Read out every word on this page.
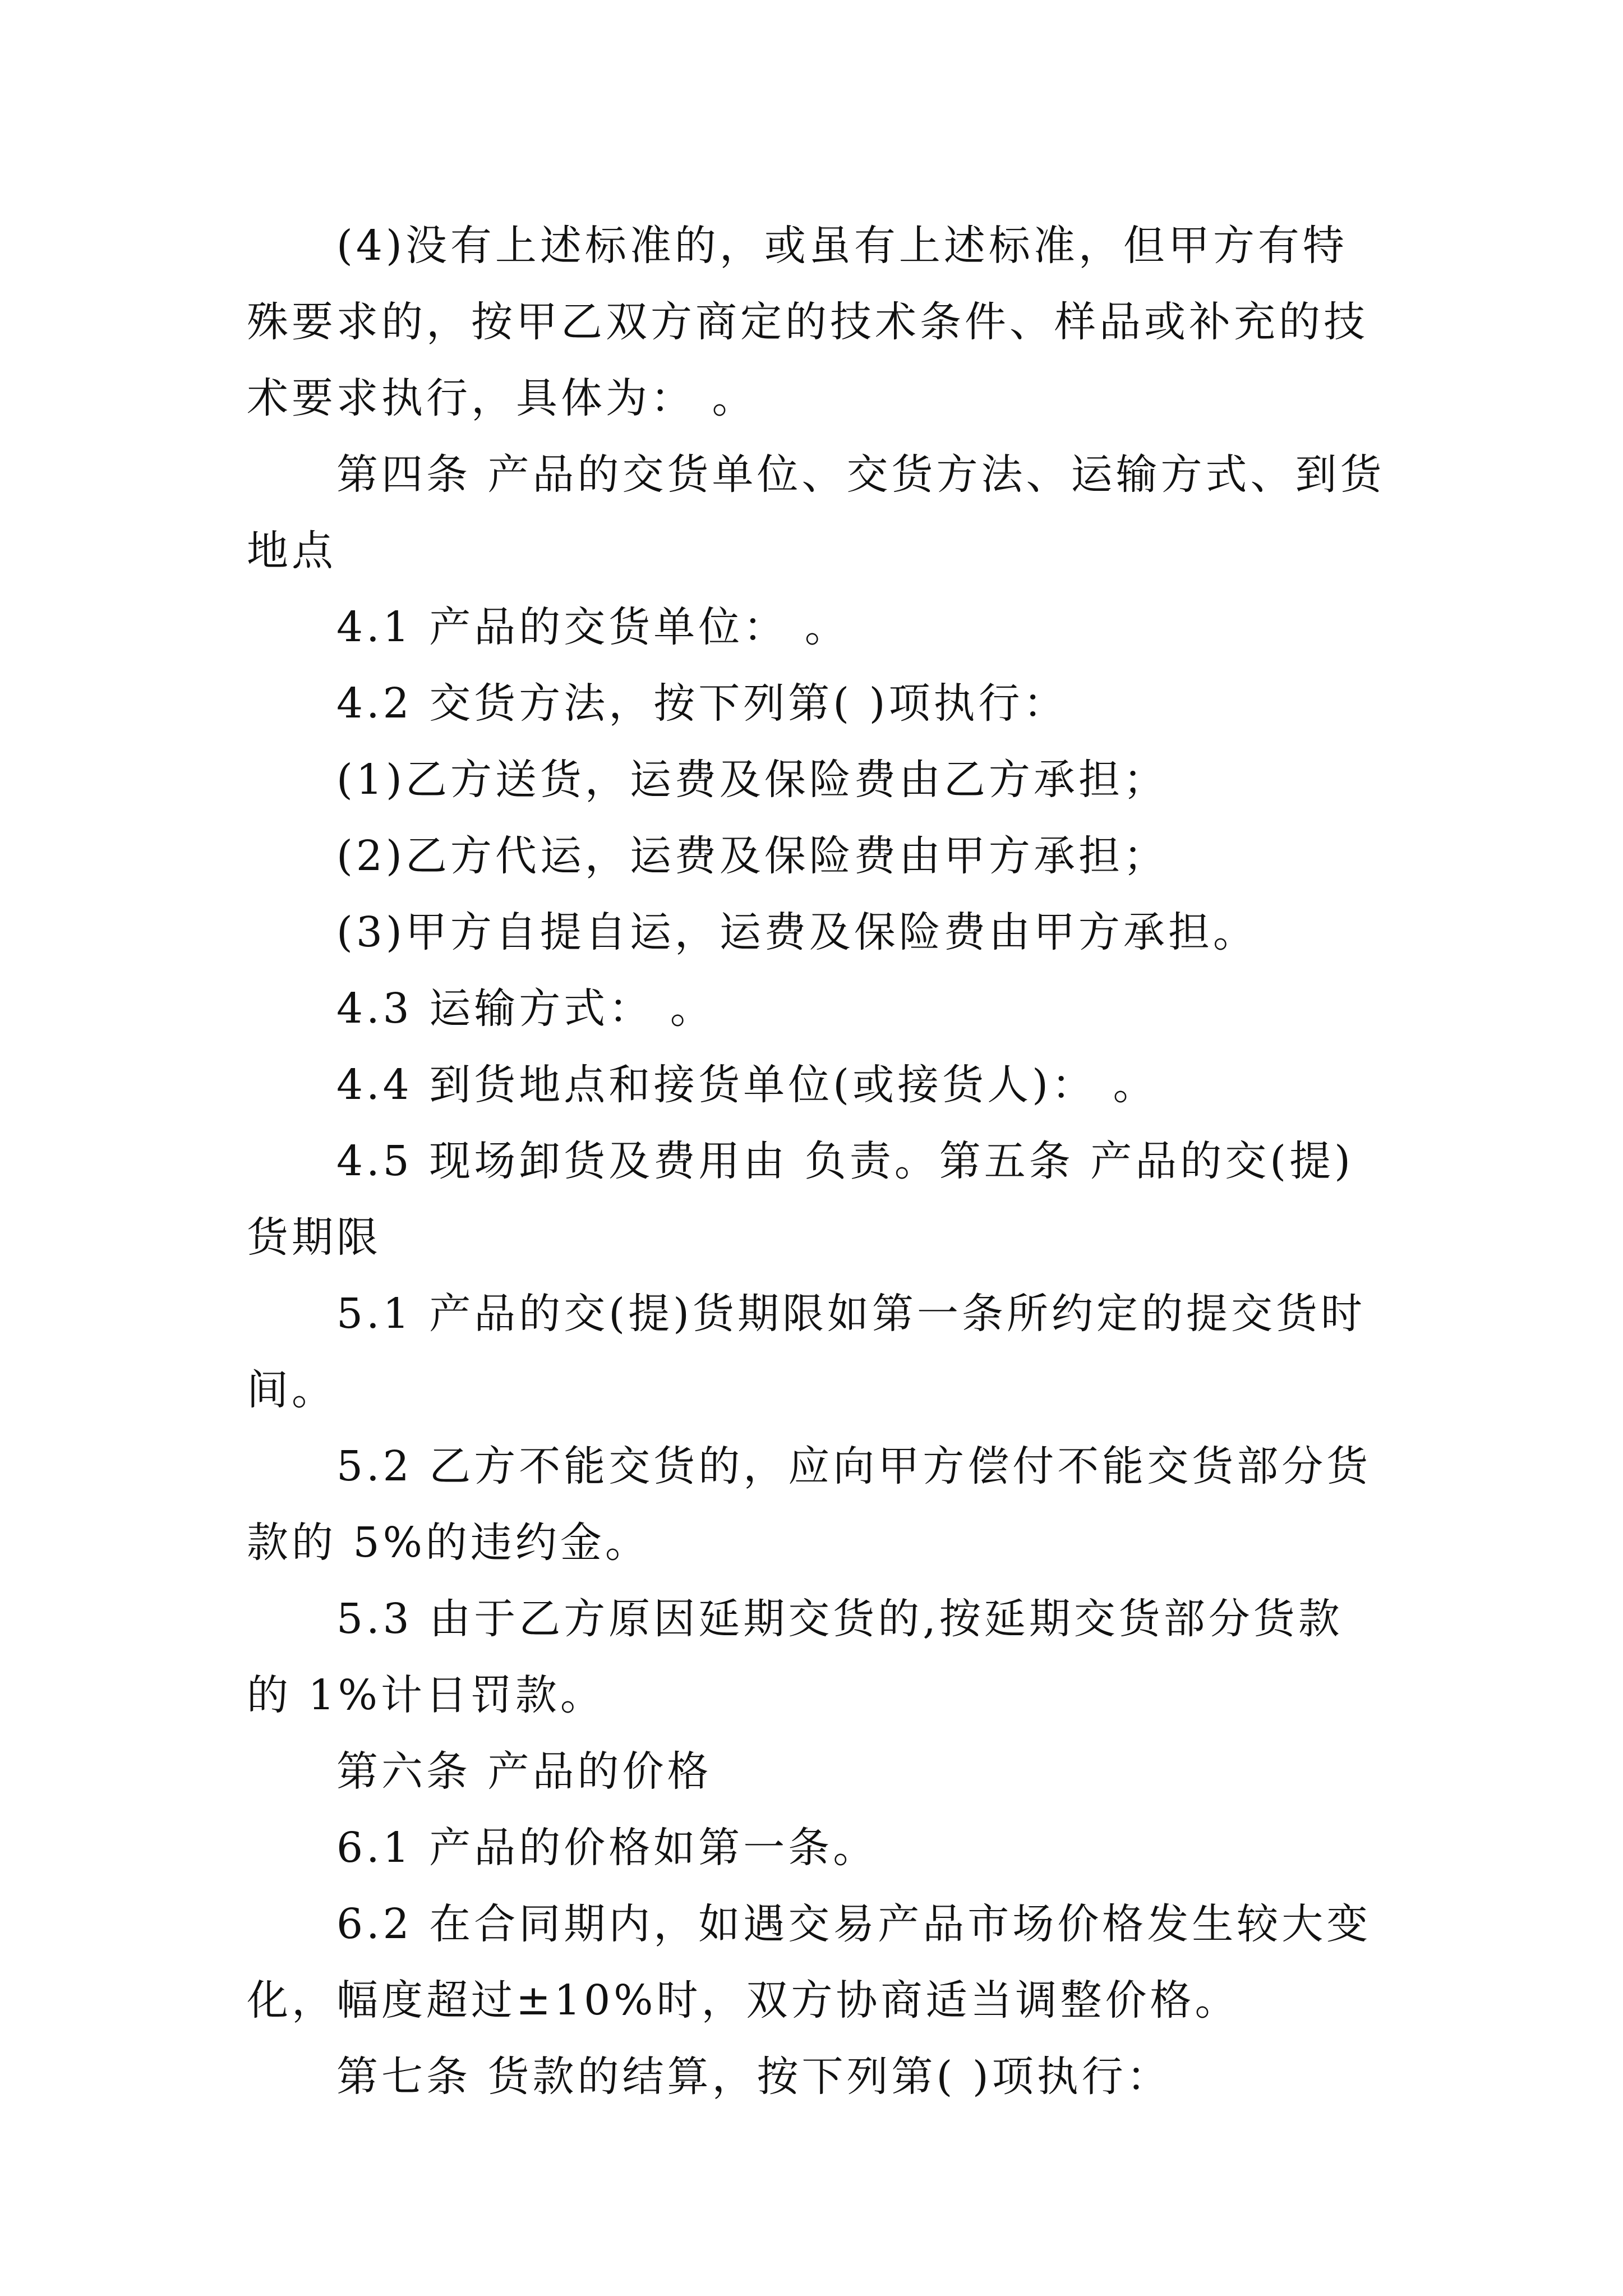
(4)没有上述标准的，或虽有上述标准，但甲方有特殊要求的，按甲乙双方商定的技术条件、样品或补充的技术要求执行，具体为： 。

第四条 产品的交货单位、交货方法、运输方式、到货地点

4.1 产品的交货单位： 。

4.2 交货方法，按下列第( )项执行：

(1)乙方送货，运费及保险费由乙方承担；

(2)乙方代运，运费及保险费由甲方承担；

(3)甲方自提自运，运费及保险费由甲方承担。

4.3 运输方式： 。

4.4 到货地点和接货单位(或接货人)： 。

4.5 现场卸货及费用由 负责。第五条 产品的交(提)货期限

5.1 产品的交(提)货期限如第一条所约定的提交货时间。

5.2 乙方不能交货的，应向甲方偿付不能交货部分货款的 5%的违约金。

5.3 由于乙方原因延期交货的,按延期交货部分货款的 1%计日罚款。

第六条 产品的价格

6.1 产品的价格如第一条。

6.2 在合同期内，如遇交易产品市场价格发生较大变化，幅度超过±10%时，双方协商适当调整价格。

第七条 货款的结算，按下列第( )项执行：
